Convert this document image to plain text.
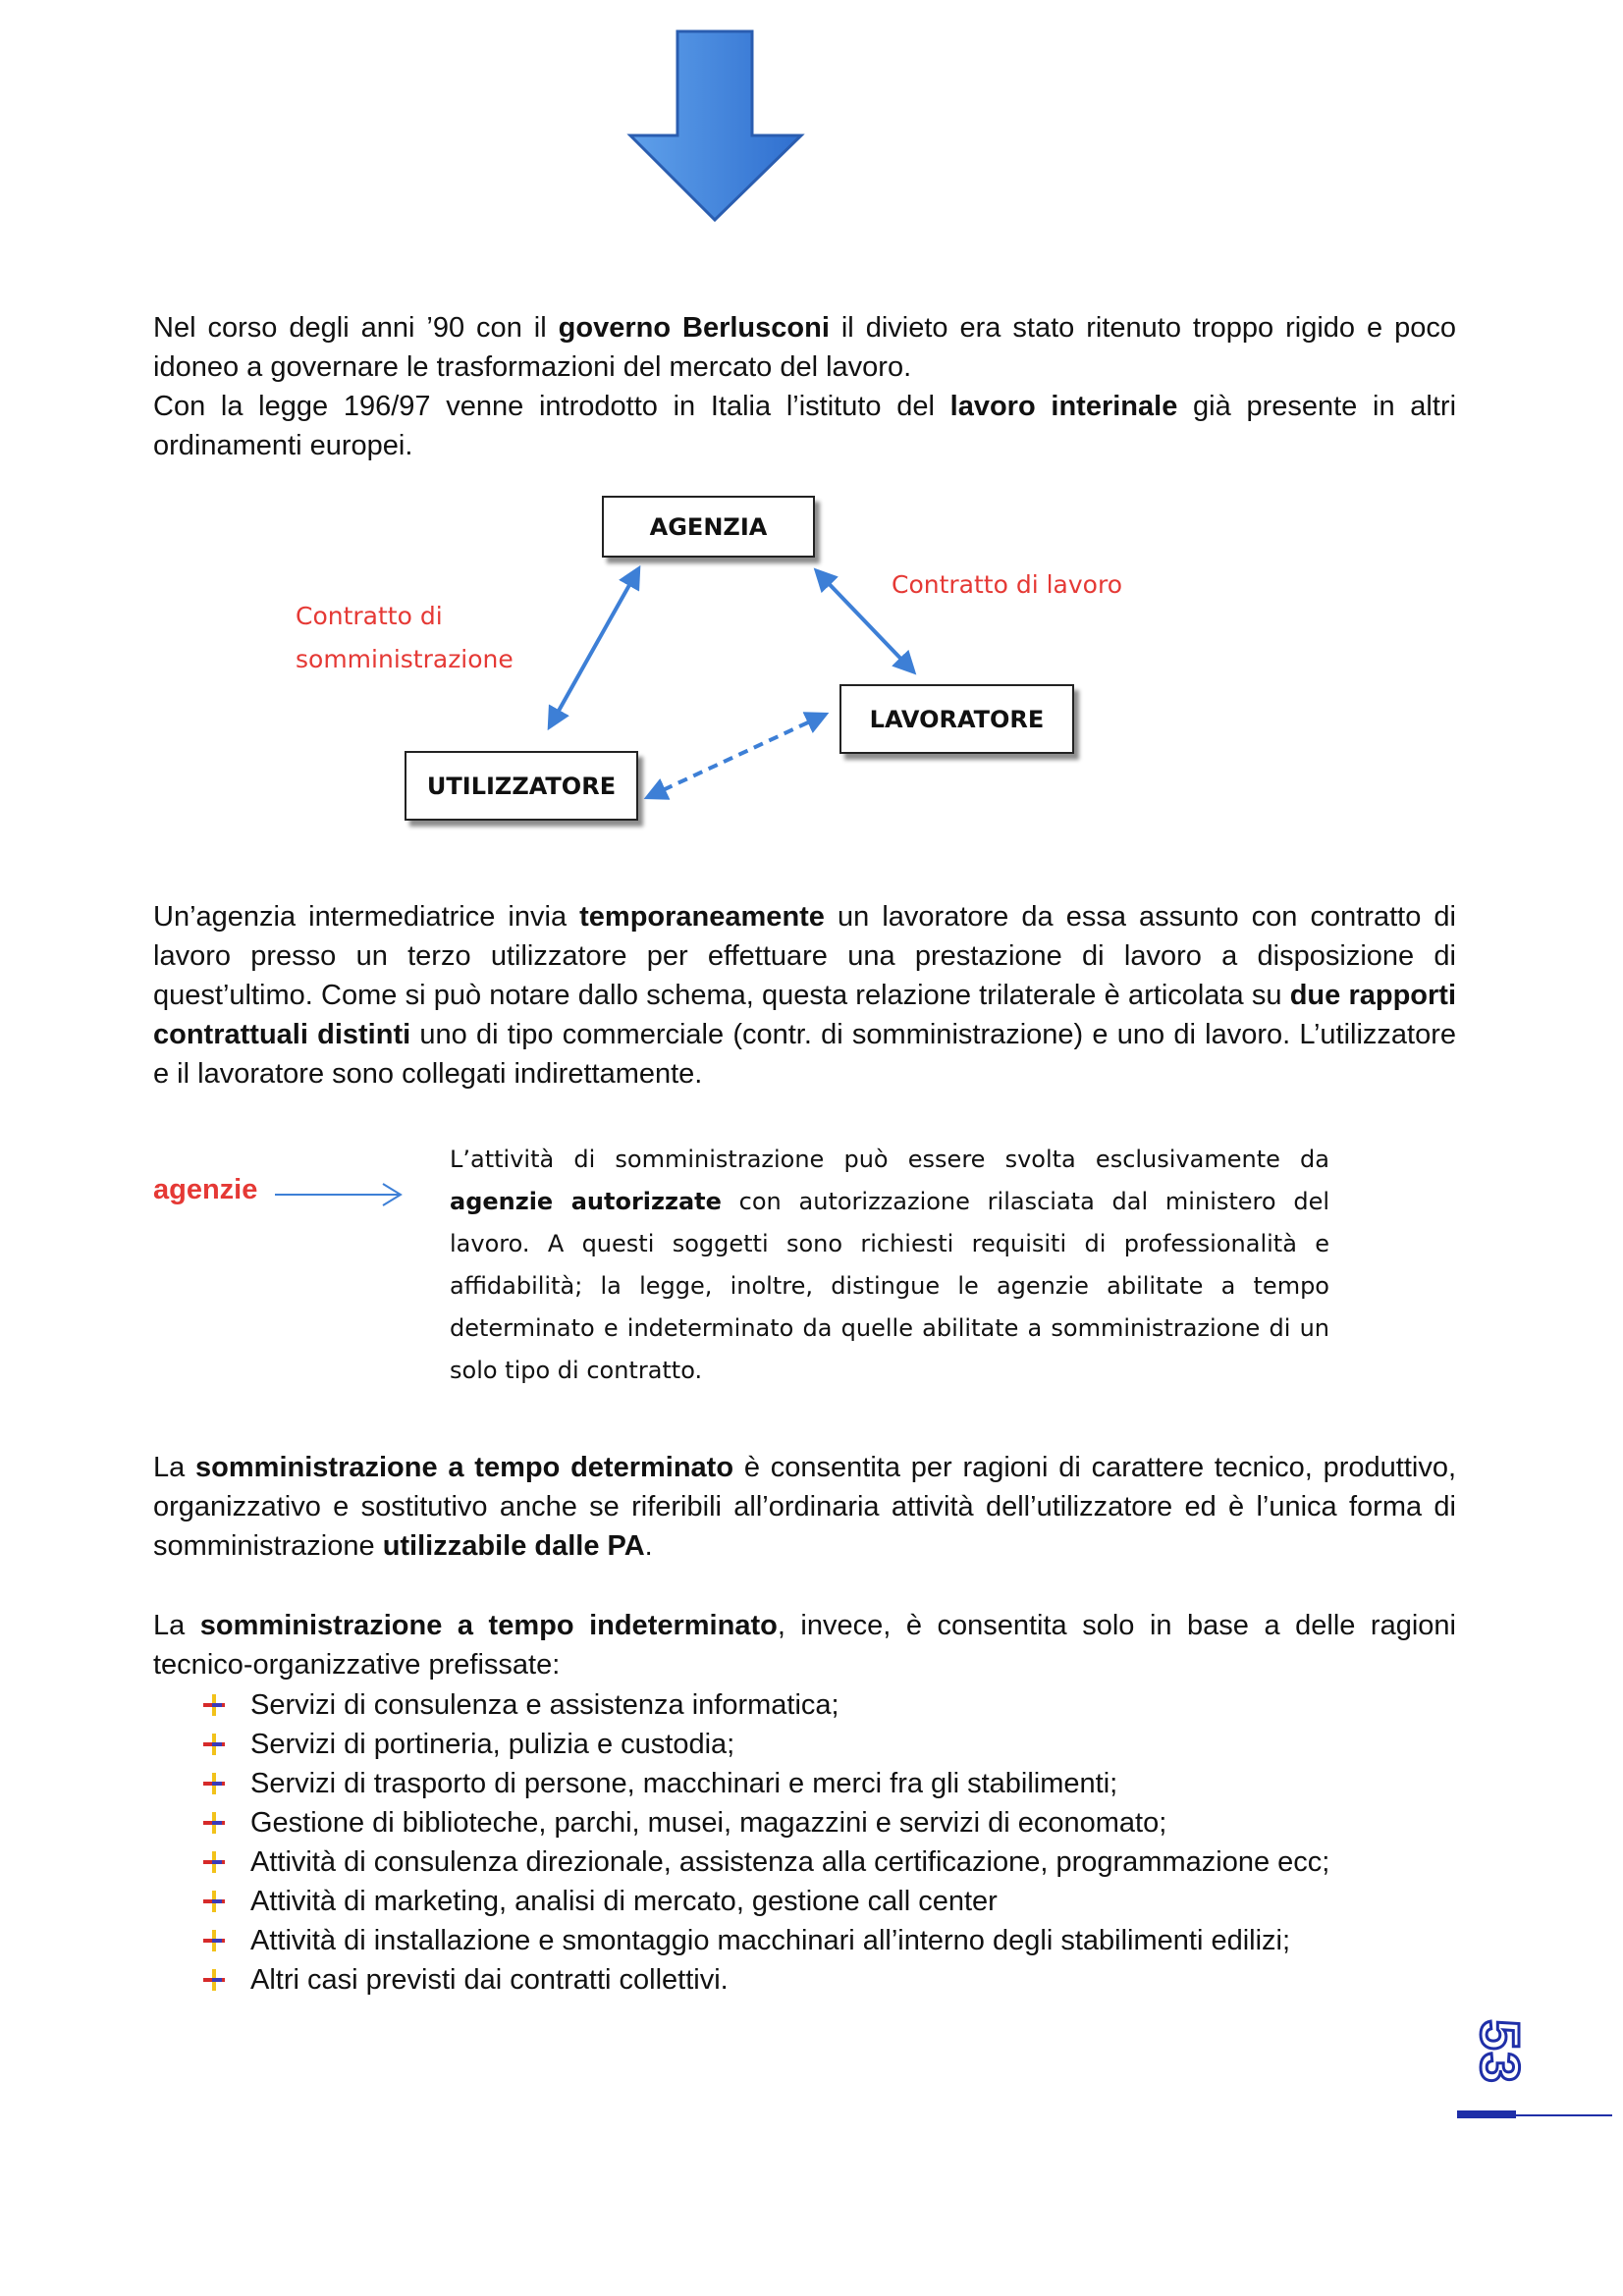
Nel corso degli anni ’90 con il governo Berlusconi il divieto era stato ritenuto troppo rigido e poco idoneo a governare le trasformazioni del mercato del lavoro.
Con la legge 196/97 venne introdotto in Italia l’istituto del lavoro interinale già presente in altri ordinamenti europei.
AGENZIA
LAVORATORE
UTILIZZATORE
Contratto di
somministrazione
Contratto di lavoro
Un’agenzia intermediatrice invia temporaneamente un lavoratore da essa assunto con contratto di lavoro presso un terzo utilizzatore per effettuare una prestazione di lavoro a disposizione di quest’ultimo. Come si può notare dallo schema, questa relazione trilaterale è articolata su due rapporti contrattuali distinti uno di tipo commerciale (contr. di somministrazione) e uno di lavoro. L’utilizzatore e il lavoratore sono collegati indirettamente.
agenzie
L’attività di somministrazione può essere svolta esclusivamente da agenzie autorizzate con autorizzazione rilasciata dal ministero del lavoro. A questi soggetti sono richiesti requisiti di professionalità e affidabilità; la legge, inoltre, distingue le agenzie abilitate a tempo determinato e indeterminato da quelle abilitate a somministrazione di un solo tipo di contratto.
La somministrazione a tempo determinato è consentita per ragioni di carattere tecnico, produttivo, organizzativo e sostitutivo anche se riferibili all’ordinaria attività dell’utilizzatore ed è l’unica forma di somministrazione utilizzabile dalle PA.
La somministrazione a tempo indeterminato, invece, è consentita solo in base a delle ragioni tecnico-organizzative prefissate:
Servizi di consulenza e assistenza informatica;
Servizi di portineria, pulizia e custodia;
Servizi di trasporto di persone, macchinari e merci fra gli stabilimenti;
Gestione di biblioteche, parchi, musei, magazzini e servizi di economato;
Attività di consulenza direzionale, assistenza alla certificazione, programmazione ecc;
Attività di marketing, analisi di mercato, gestione call center
Attività di installazione e smontaggio macchinari all’interno degli stabilimenti edilizi;
Altri casi previsti dai contratti collettivi.
53
